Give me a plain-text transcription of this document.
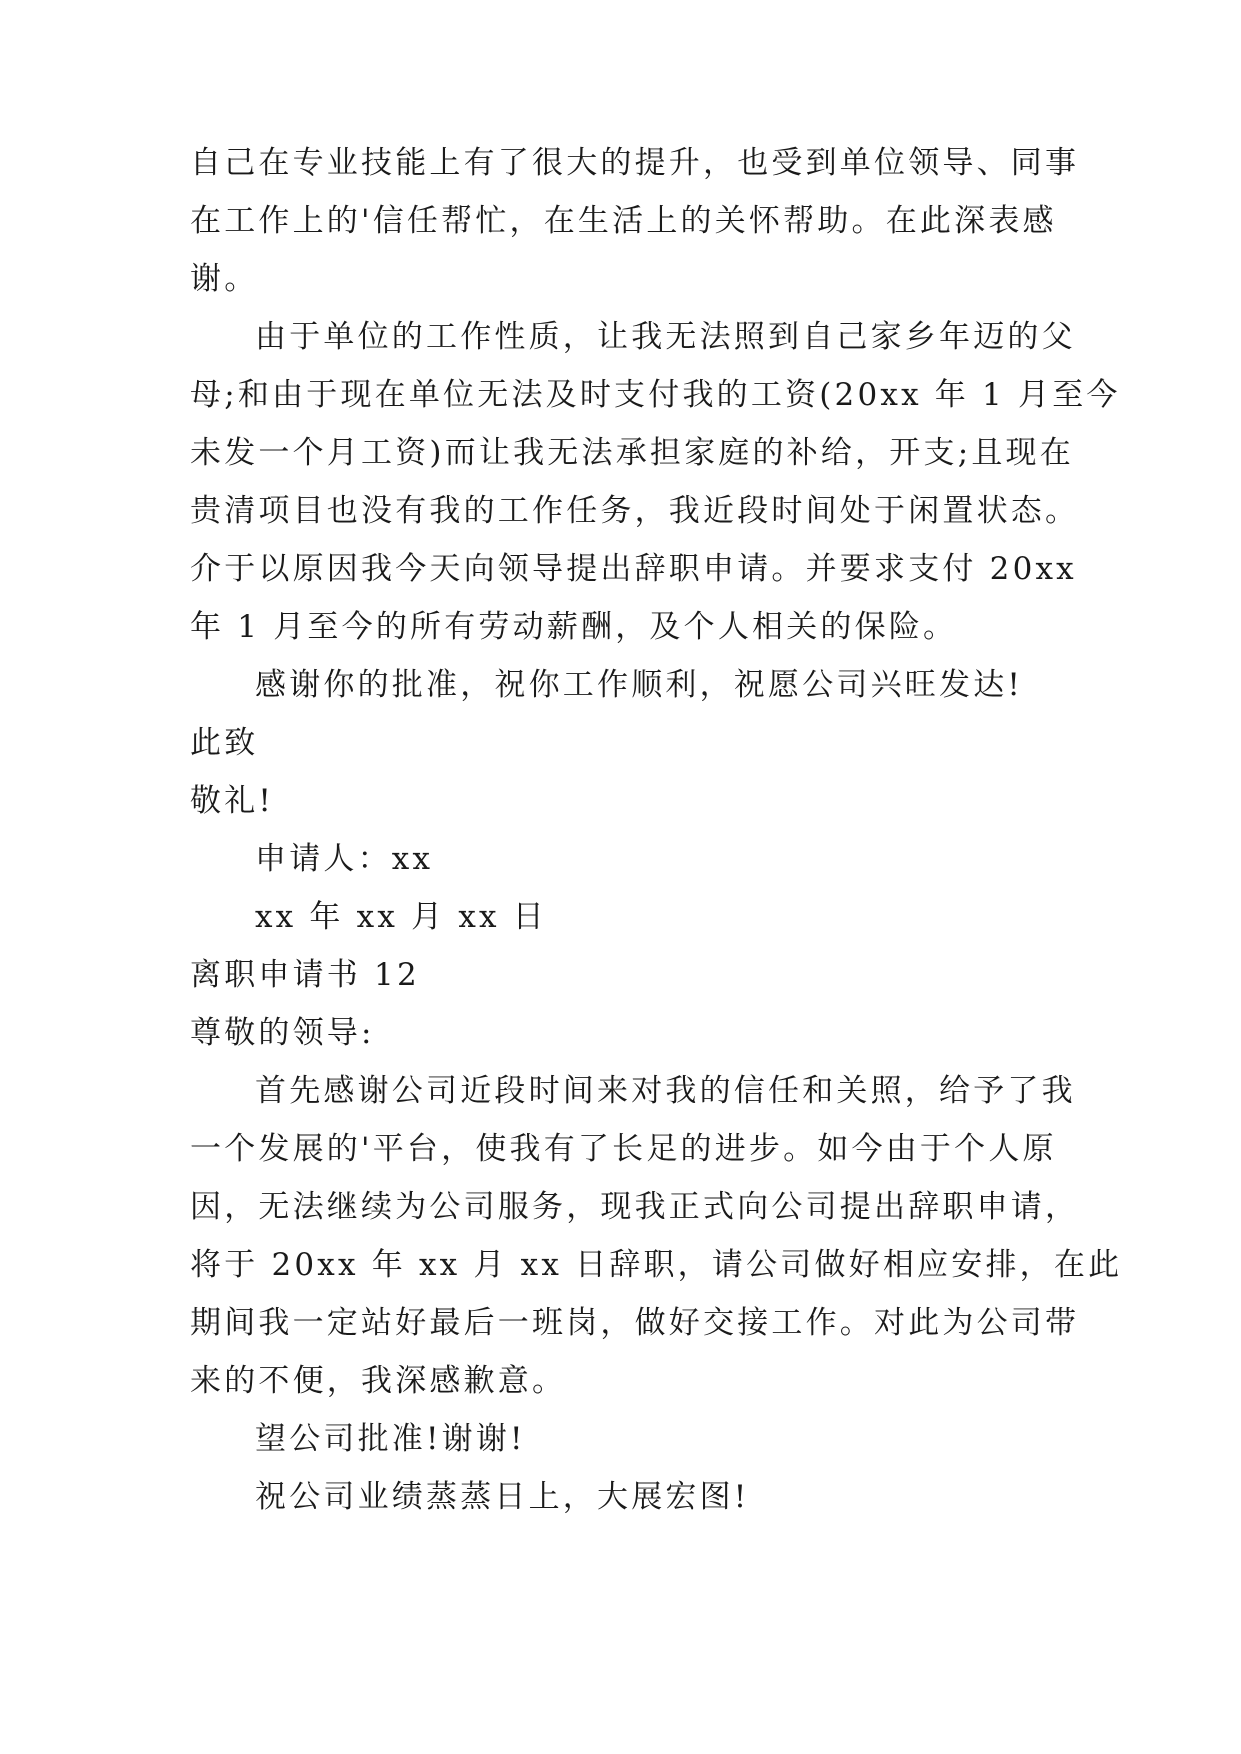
自己在专业技能上有了很大的提升，也受到单位领导、同事
在工作上的'信任帮忙，在生活上的关怀帮助。在此深表感
谢。
由于单位的工作性质，让我无法照到自己家乡年迈的父
母;和由于现在单位无法及时支付我的工资(20xx 年 1 月至今
未发一个月工资)而让我无法承担家庭的补给，开支;且现在
贵清项目也没有我的工作任务，我近段时间处于闲置状态。
介于以原因我今天向领导提出辞职申请。并要求支付 20xx
年 1 月至今的所有劳动薪酬，及个人相关的保险。
感谢你的批准，祝你工作顺利，祝愿公司兴旺发达!
此致
敬礼!
申请人：xx
xx 年 xx 月 xx 日
离职申请书 12
尊敬的领导:
首先感谢公司近段时间来对我的信任和关照，给予了我
一个发展的'平台，使我有了长足的进步。如今由于个人原
因，无法继续为公司服务，现我正式向公司提出辞职申请，
将于 20xx 年 xx 月 xx 日辞职，请公司做好相应安排，在此
期间我一定站好最后一班岗，做好交接工作。对此为公司带
来的不便，我深感歉意。
望公司批准!谢谢!
祝公司业绩蒸蒸日上，大展宏图!
